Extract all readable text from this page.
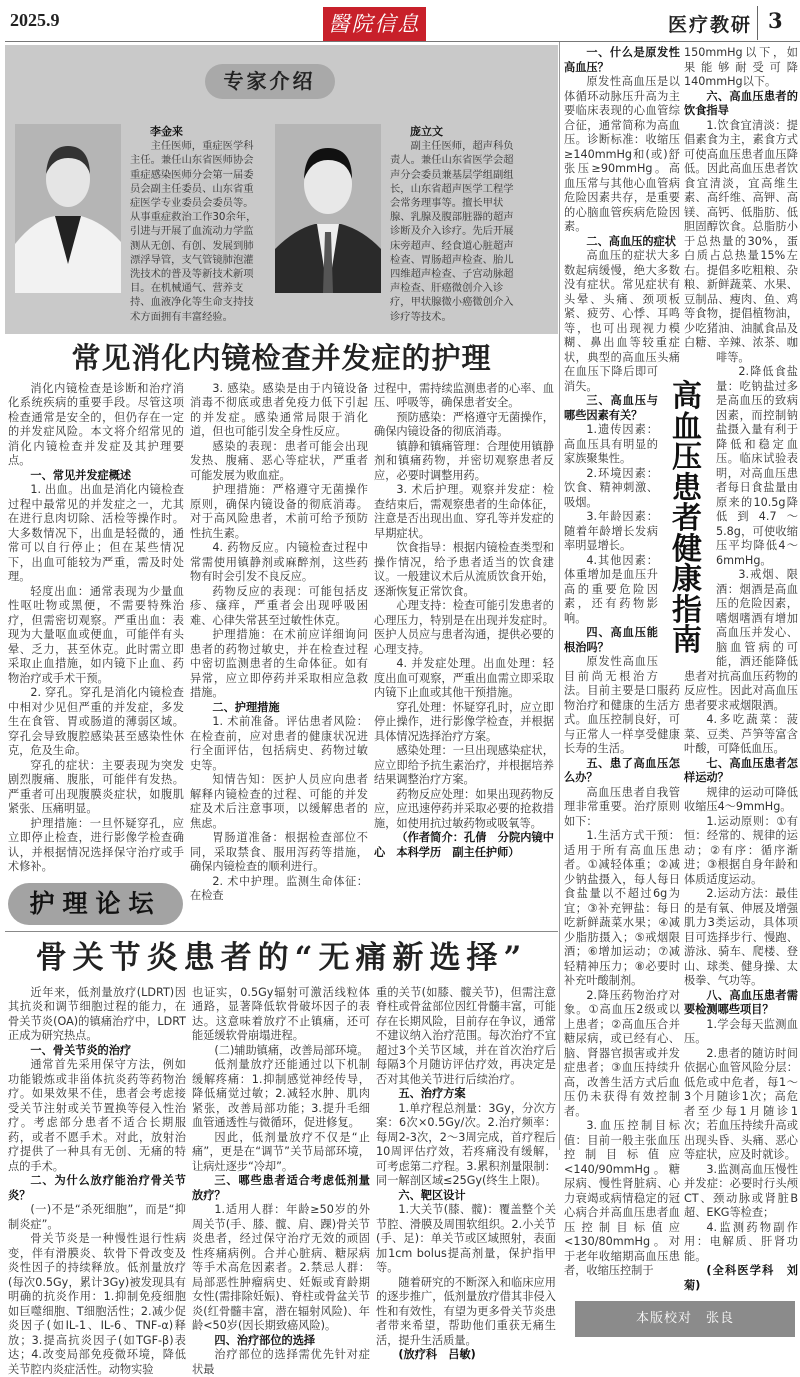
2025.9	醫院信息	医疗教研 3
专家介绍
李金来

主任医师，重症医学科主任。兼任山东省医师协会重症感染医师分会第一届委员会副主任委员、山东省重症医学专业委员会委员等。从事重症救治工作30余年，引进与开展了血流动力学监测从无创、有创、发展到肺漂浮导管，支气管镜肺泡灌洗技术的普及等新技术新项目。在机械通气、营养支持、血液净化等生命支持技术方面拥有丰富经验。

庞立文

副主任医师，超声科负责人。兼任山东省医学会超声分会委员兼基层学组副组长，山东省超声医学工程学会常务理事等。擅长甲状腺、乳腺及腹部脏器的超声诊断及介入诊疗。先后开展床旁超声、经食道心脏超声检查、胃肠超声检查、胎儿四维超声检查、子宫动脉超声检查、肝癌微创介入诊疗，甲状腺微小癌微创介入诊疗等技术。

常见消化内镜检查并发症的护理

消化内镜检查是诊断和治疗消化系统疾病的重要手段。尽管这项检查通常是安全的，但仍存在一定的并发症风险。本文将介绍常见的消化内镜检查并发症及其护理要点。

一、常见并发症概述

1. 出血。出血是消化内镜检查过程中最常见的并发症之一，尤其在进行息肉切除、活检等操作时。大多数情况下，出血是轻微的，通常可以自行停止；但在某些情况下，出血可能较为严重，需及时处理。

轻度出血：通常表现为少量血性呕吐物或黑便，不需要特殊治疗，但需密切观察。严重出血：表现为大量呕血或便血，可能伴有头晕、乏力，甚至休克。此时需立即采取止血措施，如内镜下止血、药物治疗或手术干预。

2. 穿孔。穿孔是消化内镜检查中相对少见但严重的并发症，多发生在食管、胃或肠道的薄弱区域。穿孔会导致腹腔感染甚至感染性休克，危及生命。

穿孔的症状：主要表现为突发剧烈腹痛、腹胀，可能伴有发热。严重者可出现腹膜炎症状，如腹肌紧张、压痛明显。

护理措施：一旦怀疑穿孔，应立即停止检查，进行影像学检查确认，并根据情况选择保守治疗或手术修补。

护理论坛

3. 感染。感染是由于内镜设备消毒不彻底或患者免疫力低下引起的并发症。感染通常局限于消化道，但也可能引发全身性反应。

感染的表现：患者可能会出现发热、腹痛、恶心等症状，严重者可能发展为败血症。

护理措施：严格遵守无菌操作原则，确保内镜设备的彻底消毒。对于高风险患者，术前可给予预防性抗生素。

4. 药物反应。内镜检查过程中常需使用镇静剂或麻醉剂，这些药物有时会引发不良反应。

药物反应的表现：可能包括皮疹、瘙痒，严重者会出现呼吸困难、心律失常甚至过敏性休克。

护理措施：在术前应详细询问患者的药物过敏史，并在检查过程中密切监测患者的生命体征。如有异常，应立即停药并采取相应急救措施。

二、护理措施

1. 术前准备。评估患者风险：在检查前，应对患者的健康状况进行全面评估，包括病史、药物过敏史等。

知情告知：医护人员应向患者解释内镜检查的过程、可能的并发症及术后注意事项，以缓解患者的焦虑。

胃肠道准备：根据检查部位不同，采取禁食、服用泻药等措施，确保内镜检查的顺利进行。

2. 术中护理。监测生命体征：在检查

过程中，需持续监测患者的心率、血压、呼吸等，确保患者安全。

预防感染：严格遵守无菌操作，确保内镜设备的彻底消毒。

镇静和镇痛管理：合理使用镇静剂和镇痛药物，并密切观察患者反应，必要时调整用药。

3. 术后护理。观察并发症：检查结束后，需观察患者的生命体征，注意是否出现出血、穿孔等并发症的早期症状。

饮食指导：根据内镜检查类型和操作情况，给予患者适当的饮食建议。一般建议术后从流质饮食开始，逐渐恢复正常饮食。

心理支持：检查可能引发患者的心理压力，特别是在出现并发症时。医护人员应与患者沟通，提供必要的心理支持。

4. 并发症处理。出血处理：轻度出血可观察，严重出血需立即采取内镜下止血或其他干预措施。

穿孔处理：怀疑穿孔时，应立即停止操作，进行影像学检查，并根据具体情况选择治疗方案。

感染处理：一旦出现感染症状，应立即给予抗生素治疗，并根据培养结果调整治疗方案。

药物反应处理：如果出现药物反应，应迅速停药并采取必要的抢救措施，如使用抗过敏药物或吸氧等。

（作者简介：孔倩　分院内镜中心　本科学历　副主任护师）

骨关节炎患者的“无痛新选择”

近年来，低剂量放疗(LDRT)因其抗炎和调节细胞过程的能力，在骨关节炎(OA)的镇痛治疗中，LDRT正成为研究热点。

一、骨关节炎的治疗

通常首先采用保守方法，例如功能锻炼或非甾体抗炎药等药物治疗。如果效果不佳，患者会考虑接受关节注射或关节置换等侵入性治疗。考虑部分患者不适合长期服药，或者不愿手术。对此，放射治疗提供了一种具有无创、无痛的特点的手术。

二、为什么放疗能治疗骨关节炎？

(一)不是“杀死细胞”，而是“抑制炎症”。

骨关节炎是一种慢性退行性病变，伴有滑膜炎、软骨下骨改变及炎性因子的持续释放。低剂量放疗(每次0.5Gy，累计3Gy)被发现具有明确的抗炎作用：1.抑制免疫细胞如巨噬细胞、T细胞活性；2.减少促炎因子(如IL-1、IL-6、TNF-α)释放；3.提高抗炎因子(如TGF-β)表达；4.改变局部免疫微环境，降低关节腔内炎症活性。动物实验

也证实，0.5Gy辐射可激活线粒体通路，显著降低软骨破坏因子的表达。这意味着放疗不止镇痛，还可能延缓软骨崩塌进程。

(二)辅助镇痛，改善局部环境。

低剂量放疗还能通过以下机制缓解疼痛：1.抑制感觉神经传导，降低痛觉过敏；2.减轻水肿、肌肉紧张，改善局部功能；3.提升毛细血管通透性与微循环，促进修复。

因此，低剂量放疗不仅是“止痛”，更是在“调节”关节局部环境，让病灶逐步“冷却”。

三、哪些患者适合考虑低剂量放疗？

1.适用人群：年龄≥50岁的外周关节(手、膝、髋、肩、踝)骨关节炎患者，经过保守治疗无效的顽固性疼痛病例。合并心脏病、糖尿病等手术高危因素者。2.禁忌人群：局部恶性肿瘤病史、妊娠或育龄期女性(需排除妊娠)、脊柱或骨盆关节炎(红骨髓丰富，潜在辐射风险)、年龄<50岁(因长期致癌风险)。

四、治疗部位的选择

治疗部位的选择需优先针对症状最

重的关节(如膝、髋关节)，但需注意脊柱或骨盆部位因红骨髓丰富，可能存在长期风险，目前存在争议，通常不建议纳入治疗范围。每次治疗不宜超过3个关节区域，并在首次治疗后每隔3个月随访评估疗效，再决定是否对其他关节进行后续治疗。

五、治疗方案

1.单疗程总剂量：3Gy，分次方案：6次×0.5Gy/次。2.治疗频率：每周2-3次，2～3周完成，首疗程后10周评估疗效，若疼痛没有缓解，可考虑第二疗程。3.累积剂量限制：同一解剖区域≤25Gy(终生上限)。

六、靶区设计

1.大关节(膝、髋)：覆盖整个关节腔、滑膜及周围软组织。2.小关节(手、足)：单关节或区域照射，表面加1cm bolus提高剂量，保护指甲等。

随着研究的不断深入和临床应用的逐步推广，低剂量放疗借其非侵入性和有效性，有望为更多骨关节炎患者带来希望，帮助他们重获无痛生活，提升生活质量。

(放疗科　吕敏)

一、什么是原发性高血压？

原发性高血压是以体循环动脉压升高为主要临床表现的心血管综合征，通常简称为高血压。诊断标准：收缩压≥140mmHg和(或)舒张压≥90mmHg。高血压常与其他心血管病危险因素共存，是重要的心脑血管疾病危险因素。

二、高血压的症状

高血压的症状大多数起病缓慢，绝大多数没有症状。常见症状有头晕、头痛、颈项板紧、疲劳、心悸、耳鸣等，也可出现视力模糊、鼻出血等较重症状，典型的高血压头痛在血压下降后即可消失。

三、高血压与哪些因素有关？

1.遗传因素：高血压具有明显的家族聚集性。

2.环境因素：饮食、精神刺激、吸烟。

3.年龄因素：随着年龄增长发病率明显增长。

4.其他因素：体重增加是血压升高的重要危险因素，还有药物影响。

四、高血压能根治吗？

原发性高血压目前尚无根治方法。目前主要是口服药物治疗和健康的生活方式。血压控制良好，可与正常人一样享受健康长寿的生活。

五、患了高血压怎么办？

高血压患者自我管理非常重要。治疗原则如下：

1.生活方式干预：适用于所有高血压患者。①减轻体重；②减少钠盐摄入，每人每日食盐量以不超过6g为宜；③补充钾盐：每日吃新鲜蔬菜水果；④减少脂肪摄入；⑤戒烟限酒；⑥增加运动；⑦减轻精神压力；⑧必要时补充叶酸制剂。

2.降压药物治疗对象。①高血压2级或以上患者；②高血压合并糖尿病，或已经有心、脑、肾器官损害或并发症患者；③血压持续升高，改善生活方式后血压仍未获得有效控制者。

3.血压控制目标值：目前一般主张血压控制目标值应<140/90mmHg。糖尿病、慢性肾脏病、心力衰竭或病情稳定的冠心病合并高血压患者血压控制目标值应<130/80mmHg。对于老年收缩期高血压患者，收缩压控制于

150mmHg以下，如果能够耐受可降140mmHg以下。

六、高血压患者的饮食指导

1.饮食宜清淡：提倡素食为主，素食方式可使高血压患者血压降低。因此高血压患者饮食宜清淡，宜高维生素、高纤维、高钾、高镁、高钙、低脂肪、低胆固醇饮食。总脂肪小于总热量的30%，蛋白质占总热量15%左右。提倡多吃粗粮、杂粮、新鲜蔬菜、水果、豆制品、瘦肉、鱼、鸡等食物，提倡植物油，少吃猪油、油腻食品及白糖、辛辣、浓茶、咖啡等。

2.降低食盐量：吃钠盐过多是高血压的致病因素，而控制钠盐摄入量有利于降低和稳定血压。临床试验表明，对高血压患者每日食盐量由原来的10.5g降低到4.7～5.8g，可使收缩压平均降低4～6mmHg。

3.戒烟、限酒：烟酒是高血压的危险因素，嗜烟嗜酒有增加高血压并发心、脑血管病的可能，酒还能降低患者对抗高血压药物的反应性。因此对高血压患者要求戒烟限酒。

4.多吃蔬菜：菠菜、豆类、芦笋等富含叶酸，可降低血压。

七、高血压患者怎样运动？

规律的运动可降低收缩压4～9mmHg。

1.运动原则：①有恒：经常的、规律的运动；②有序：循序渐进；③根据自身年龄和体质适度运动。

2.运动方法：最佳的是有氧、伸展及增强肌力3类运动，具体项目可选择步行、慢跑、游泳、骑车、爬楼、登山、球类、健身操、太极拳、气功等。

八、高血压患者需要检测哪些项目？

1.学会每天监测血压。

2.患者的随访时间依据心血管风险分层：低危或中危者，每1～3个月随诊1次；高危者至少每1月随诊1次；若血压持续升高或出现头昏、头痛、恶心等症状，应及时就诊。

3.监测高血压慢性并发症：必要时行头颅CT、颈动脉或肾脏B超、EKG等检查；

4.监测药物副作用：电解质、肝肾功能。

(全科医学科　刘菊)

高血压患者健康指南
本版校对　张良
